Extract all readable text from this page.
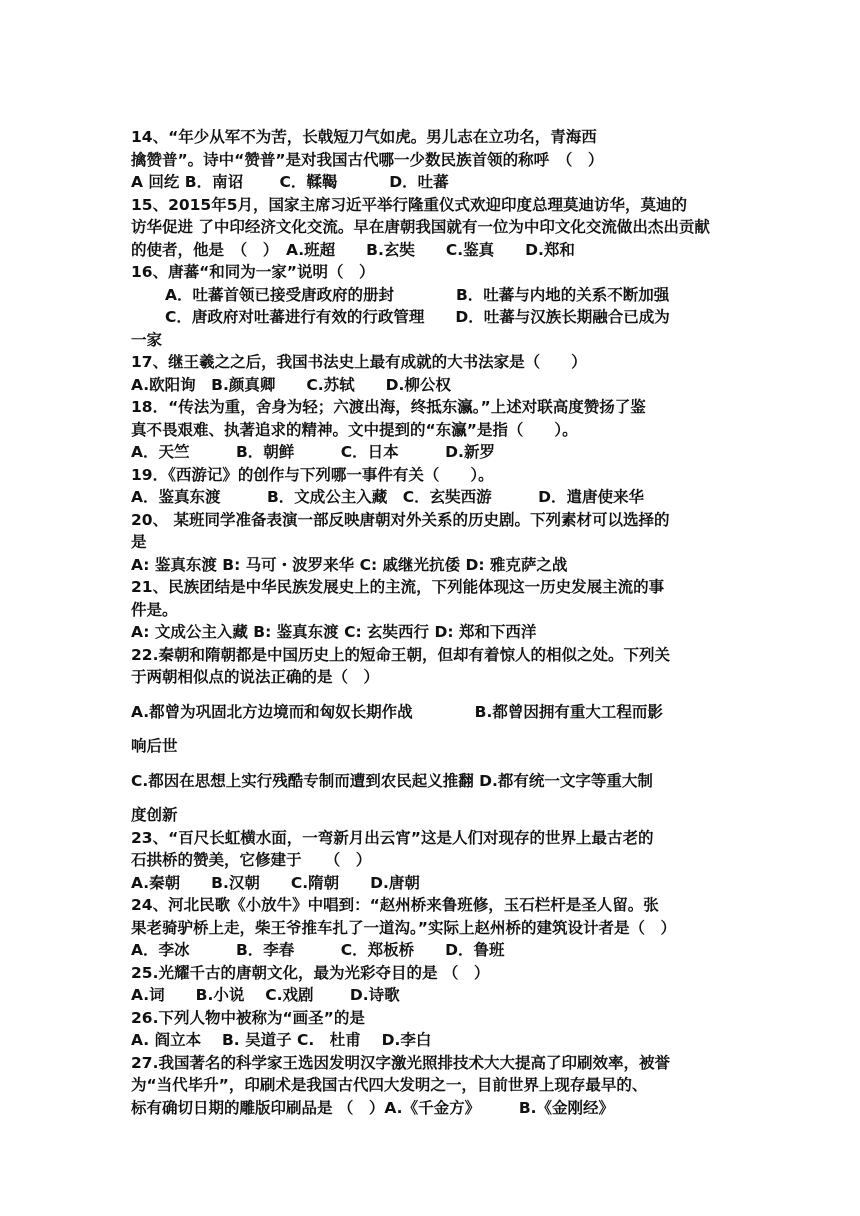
14、“年少从军不为苦，长戟短刀气如虎。男儿志在立功名，青海西
擒赞普”。诗中“赞普”是对我国古代哪一少数民族首领的称呼　（　）
A 回纥 B．南诏　　 C．鞣鞨　　　 D．吐蕃
15、2015年5月，国家主席习近平举行隆重仪式欢迎印度总理莫迪访华，莫迪的
访华促进 了中印经济文化交流。早在唐朝我国就有一位为中印文化交流做出杰出贡献
的使者，他是　（　）　A.班超　　B.玄奘　　C.鉴真　　D.郑和
16、唐蕃“和同为一家”说明（　）
A．吐蕃首领已接受唐政府的册封　　　　B．吐蕃与内地的关系不断加强
C．唐政府对吐蕃进行有效的行政管理　　D．吐蕃与汉族长期融合已成为
一家
17、继王羲之之后，我国书法史上最有成就的大书法家是（　　）
A.欧阳询　B.颜真卿　　C.苏轼　　D.柳公权
18．“传法为重，舍身为轻；六渡出海，终抵东瀛。”上述对联高度赞扬了鉴
真不畏艰难、执著追求的精神。文中提到的“东瀛”是指（　　）。
A．天竺　　　B．朝鲜　　　C．日本　　　D.新罗
19．《西游记》的创作与下列哪一事件有关（　　）。
A．鉴真东渡　　　B．文成公主入藏　C．玄奘西游　　　D．遣唐使来华
20、 某班同学准备表演一部反映唐朝对外关系的历史剧。下列素材可以选择的
是
A: 鉴真东渡 B: 马可・波罗来华 C: 戚继光抗倭 D: 雅克萨之战
21、民族团结是中华民族发展史上的主流，下列能体现这一历史发展主流的事
件是。
A: 文成公主入藏 B: 鉴真东渡 C: 玄奘西行 D: 郑和下西洋
22.秦朝和隋朝都是中国历史上的短命王朝，但却有着惊人的相似之处。下列关
于两朝相似点的说法正确的是（　）
A.都曾为巩固北方边境而和匈奴长期作战　　　　B.都曾因拥有重大工程而影
响后世
C.都因在思想上实行残酷专制而遭到农民起义推翻 D.都有统一文字等重大制
度创新
23、“百尺长虹横水面，一弯新月出云宵”这是人们对现存的世界上最古老的
石拱桥的赞美，它修建于　　（　）
A.秦朝　　B.汉朝　　C.隋朝　　D.唐朝
24、河北民歌《小放牛》中唱到：“赵州桥来鲁班修，玉石栏杆是圣人留。张
果老骑驴桥上走，柴王爷推车扎了一道沟。”实际上赵州桥的建筑设计者是（　）
A．李冰　　　B．李春　　　C．郑板桥　　D．鲁班
25.光耀千古的唐朝文化，最为光彩夺目的是 （　）
A.词　　B.小说　 C.戏剧　　 D.诗歌
26.下列人物中被称为“画圣”的是
A. 阎立本　 B. 吴道子 C.　杜甫　 D.李白
27.我国著名的科学家王选因发明汉字激光照排技术大大提高了印刷效率，被誉
为“当代毕升”，印刷术是我国古代四大发明之一，目前世界上现存最早的、
标有确切日期的雕版印刷品是 （　）A.《千金方》　　　B.《金刚经》
